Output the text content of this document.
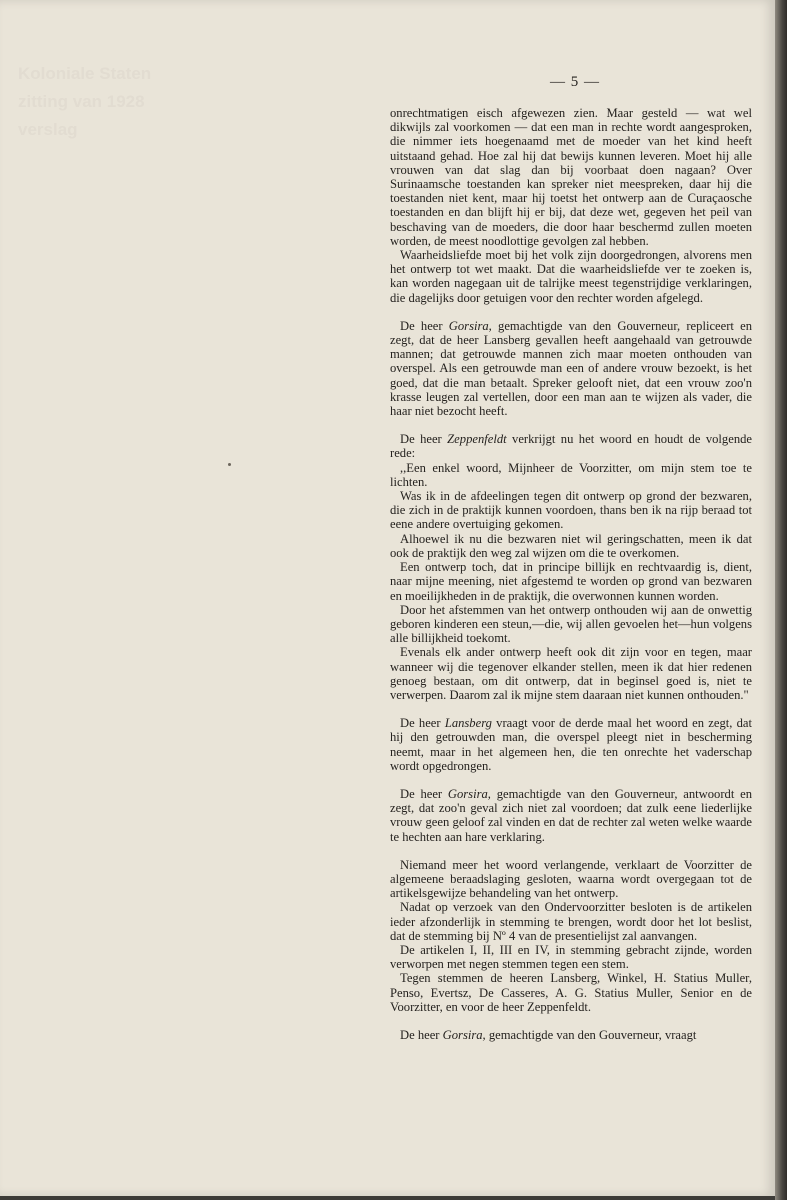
Koloniale Staten
zitting van 1928
verslag
— 5 —

onrechtmatigen eisch afgewezen zien. Maar gesteld — wat wel dikwijls zal voorkomen — dat een man in rechte wordt aangesproken, die nimmer iets hoegenaamd met de moeder van het kind heeft uitstaand gehad. Hoe zal hij dat bewijs kunnen leveren. Moet hij alle vrouwen van dat slag dan bij voorbaat doen nagaan? Over Surinaamsche toestanden kan spreker niet meespreken, daar hij die toestanden niet kent, maar hij toetst het ontwerp aan de Curaçaosche toestanden en dan blijft hij er bij, dat deze wet, gegeven het peil van beschaving van de moeders, die door haar beschermd zullen moeten worden, de meest noodlottige gevolgen zal hebben.

Waarheidsliefde moet bij het volk zijn doorgedrongen, alvorens men het ontwerp tot wet maakt. Dat die waarheidsliefde ver te zoeken is, kan worden nagegaan uit de talrijke meest tegenstrijdige verklaringen, die dagelijks door getuigen voor den rechter worden afgelegd.

De heer Gorsira, gemachtigde van den Gouverneur, repliceert en zegt, dat de heer Lansberg gevallen heeft aangehaald van getrouwde mannen; dat getrouwde mannen zich maar moeten onthouden van overspel. Als een getrouwde man een of andere vrouw bezoekt, is het goed, dat die man betaalt. Spreker gelooft niet, dat een vrouw zoo'n krasse leugen zal vertellen, door een man aan te wijzen als vader, die haar niet bezocht heeft.

De heer Zeppenfeldt verkrijgt nu het woord en houdt de volgende rede:

,,Een enkel woord, Mijnheer de Voorzitter, om mijn stem toe te lichten.

Was ik in de afdeelingen tegen dit ontwerp op grond der bezwaren, die zich in de praktijk kunnen voordoen, thans ben ik na rijp beraad tot eene andere overtuiging gekomen.

Alhoewel ik nu die bezwaren niet wil geringschatten, meen ik dat ook de praktijk den weg zal wijzen om die te overkomen.

Een ontwerp toch, dat in principe billijk en rechtvaardig is, dient, naar mijne meening, niet afgestemd te worden op grond van bezwaren en moeilijkheden in de praktijk, die overwonnen kunnen worden.

Door het afstemmen van het ontwerp onthouden wij aan de onwettig geboren kinderen een steun,—die, wij allen gevoelen het—hun volgens alle billijkheid toekomt.

Evenals elk ander ontwerp heeft ook dit zijn voor en tegen, maar wanneer wij die tegenover elkander stellen, meen ik dat hier redenen genoeg bestaan, om dit ontwerp, dat in beginsel goed is, niet te verwerpen. Daarom zal ik mijne stem daaraan niet kunnen onthouden."

De heer Lansberg vraagt voor de derde maal het woord en zegt, dat hij den getrouwden man, die overspel pleegt niet in bescherming neemt, maar in het algemeen hen, die ten onrechte het vaderschap wordt opgedrongen.

De heer Gorsira, gemachtigde van den Gouverneur, antwoordt en zegt, dat zoo'n geval zich niet zal voordoen; dat zulk eene liederlijke vrouw geen geloof zal vinden en dat de rechter zal weten welke waarde te hechten aan hare verklaring.

Niemand meer het woord verlangende, verklaart de Voorzitter de algemeene beraadslaging gesloten, waarna wordt overgegaan tot de artikelsgewijze behandeling van het ontwerp.

Nadat op verzoek van den Ondervoorzitter besloten is de artikelen ieder afzonderlijk in stemming te brengen, wordt door het lot beslist, dat de stemming bij Nº 4 van de presentielijst zal aanvangen.

De artikelen I, II, III en IV, in stemming gebracht zijnde, worden verworpen met negen stemmen tegen een stem.

Tegen stemmen de heeren Lansberg, Winkel, H. Statius Muller, Penso, Evertsz, De Casseres, A. G. Statius Muller, Senior en de Voorzitter, en voor de heer Zeppenfeldt.

De heer Gorsira, gemachtigde van den Gouverneur, vraagt
